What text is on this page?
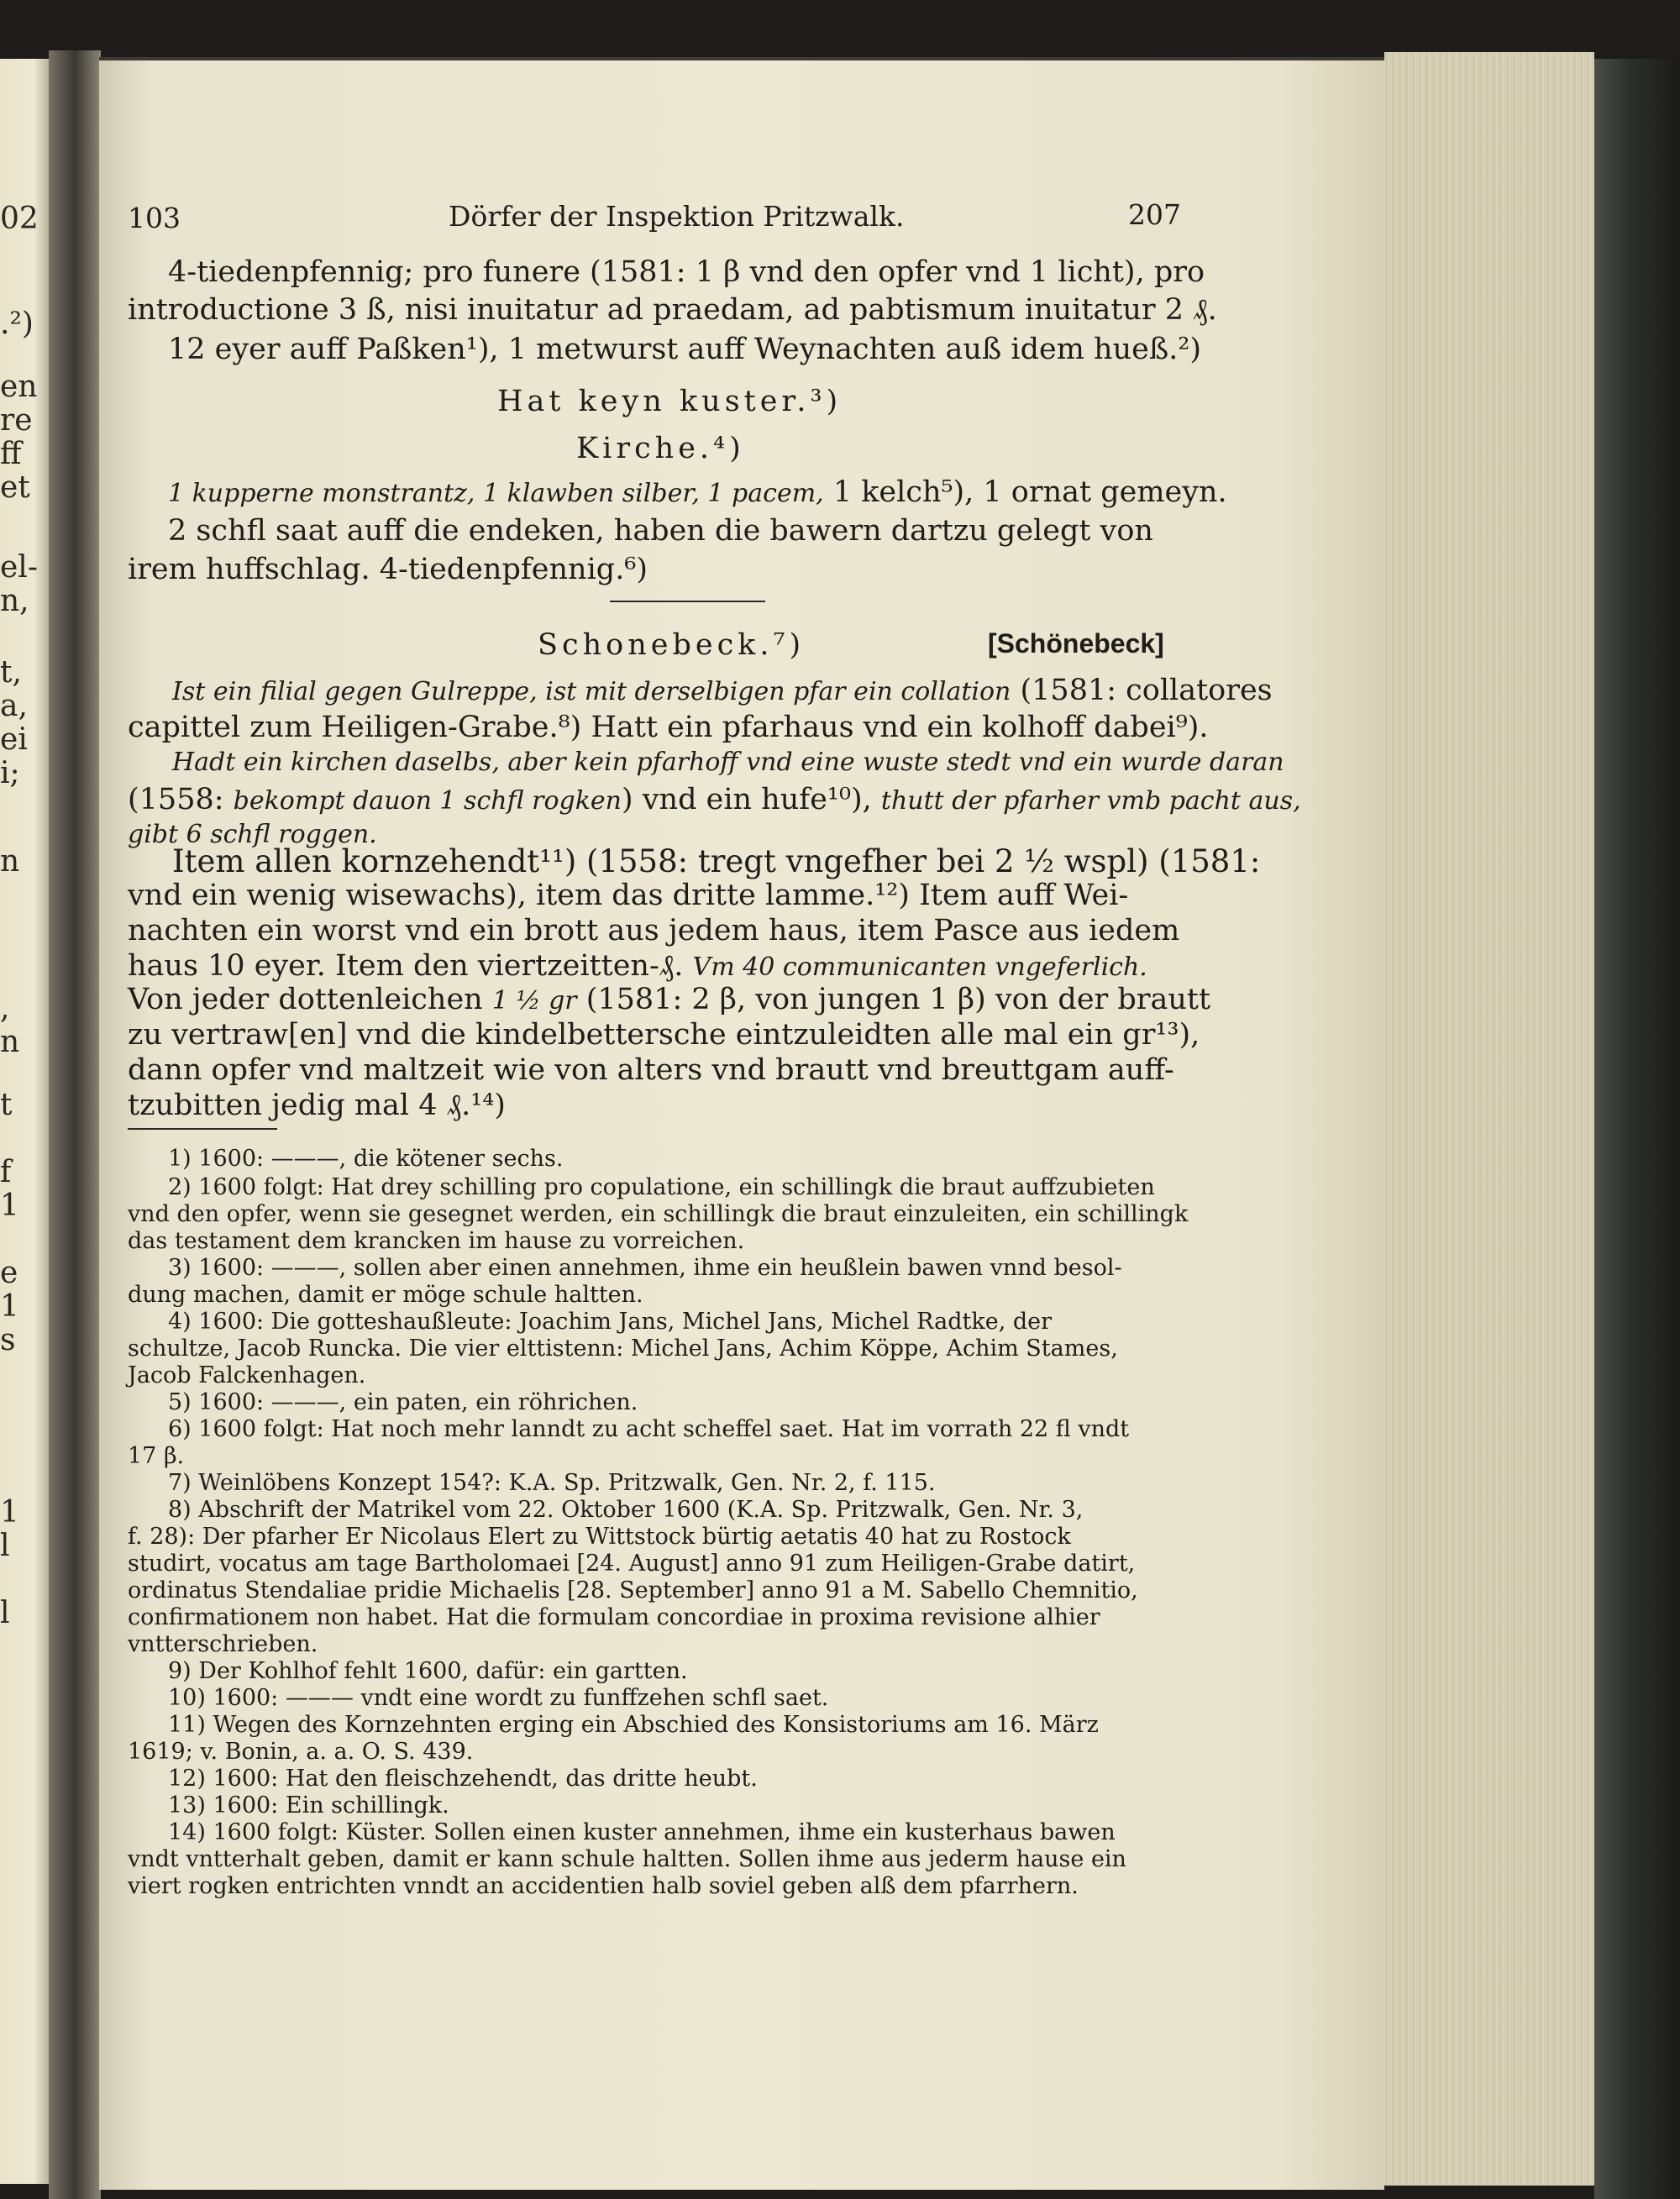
02
.²)
en
re
ff
et
el-
n,
t,
a,
ei
i;
n
,
n
t
f
1
e
1
s
1
l
l
103	Dörfer der Inspektion Pritzwalk.	207
4-tiedenpfennig; pro funere (1581: 1 β vnd den opfer vnd 1 licht), pro
introductione 3 ß, nisi inuitatur ad praedam, ad pabtismum inuitatur 2 ₰.
12 eyer auff Paßken¹), 1 metwurst auff Weynachten auß idem hueß.²)
Hat keyn kuster.³)
Kirche.⁴)
1 kupperne monstrantz, 1 klawben silber, 1 pacem, 1 kelch⁵), 1 ornat gemeyn.
2 schfl saat auff die endeken, haben die bawern dartzu gelegt von
irem huffschlag. 4-tiedenpfennig.⁶)
Schonebeck.⁷)	[Schönebeck]
Ist ein filial gegen Gulreppe, ist mit derselbigen pfar ein collation (1581: collatores
capittel zum Heiligen-Grabe.⁸) Hatt ein pfarhaus vnd ein kolhoff dabei⁹).
Hadt ein kirchen daselbs, aber kein pfarhoff vnd eine wuste stedt vnd ein wurde daran
(1558: bekompt dauon 1 schfl rogken) vnd ein hufe¹⁰), thutt der pfarher vmb pacht aus,
gibt 6 schfl roggen.
Item allen kornzehendt¹¹) (1558: tregt vngefher bei 2 ½ wspl) (1581:
vnd ein wenig wisewachs), item das dritte lamme.¹²) Item auff Wei-
nachten ein worst vnd ein brott aus jedem haus, item Pasce aus iedem
haus 10 eyer. Item den viertzeitten-₰. Vm 40 communicanten vngeferlich.
Von jeder dottenleichen 1 ½ gr (1581: 2 β, von jungen 1 β) von der brautt
zu vertraw[en] vnd die kindelbettersche eintzuleidten alle mal ein gr¹³),
dann opfer vnd maltzeit wie von alters vnd brautt vnd breuttgam auff-
tzubitten jedig mal 4 ₰.¹⁴)
1) 1600: ———, die kötener sechs.
2) 1600 folgt: Hat drey schilling pro copulatione, ein schillingk die braut auffzubieten
vnd den opfer, wenn sie gesegnet werden, ein schillingk die braut einzuleiten, ein schillingk
das testament dem krancken im hause zu vorreichen.
3) 1600: ———, sollen aber einen annehmen, ihme ein heußlein bawen vnnd besol-
dung machen, damit er möge schule haltten.
4) 1600: Die gotteshaußleute: Joachim Jans, Michel Jans, Michel Radtke, der
schultze, Jacob Runcka. Die vier elttistenn: Michel Jans, Achim Köppe, Achim Stames,
Jacob Falckenhagen.
5) 1600: ———, ein paten, ein röhrichen.
6) 1600 folgt: Hat noch mehr lanndt zu acht scheffel saet. Hat im vorrath 22 fl vndt
17 β.
7) Weinlöbens Konzept 154?: K.A. Sp. Pritzwalk, Gen. Nr. 2, f. 115.
8) Abschrift der Matrikel vom 22. Oktober 1600 (K.A. Sp. Pritzwalk, Gen. Nr. 3,
f. 28): Der pfarher Er Nicolaus Elert zu Wittstock bürtig aetatis 40 hat zu Rostock
studirt, vocatus am tage Bartholomaei [24. August] anno 91 zum Heiligen-Grabe datirt,
ordinatus Stendaliae pridie Michaelis [28. September] anno 91 a M. Sabello Chemnitio,
confirmationem non habet. Hat die formulam concordiae in proxima revisione alhier
vntterschrieben.
9) Der Kohlhof fehlt 1600, dafür: ein gartten.
10) 1600: ——— vndt eine wordt zu funffzehen schfl saet.
11) Wegen des Kornzehnten erging ein Abschied des Konsistoriums am 16. März
1619; v. Bonin, a. a. O. S. 439.
12) 1600: Hat den fleischzehendt, das dritte heubt.
13) 1600: Ein schillingk.
14) 1600 folgt: Küster. Sollen einen kuster annehmen, ihme ein kusterhaus bawen
vndt vntterhalt geben, damit er kann schule haltten. Sollen ihme aus jederm hause ein
viert rogken entrichten vnndt an accidentien halb soviel geben alß dem pfarrhern.
